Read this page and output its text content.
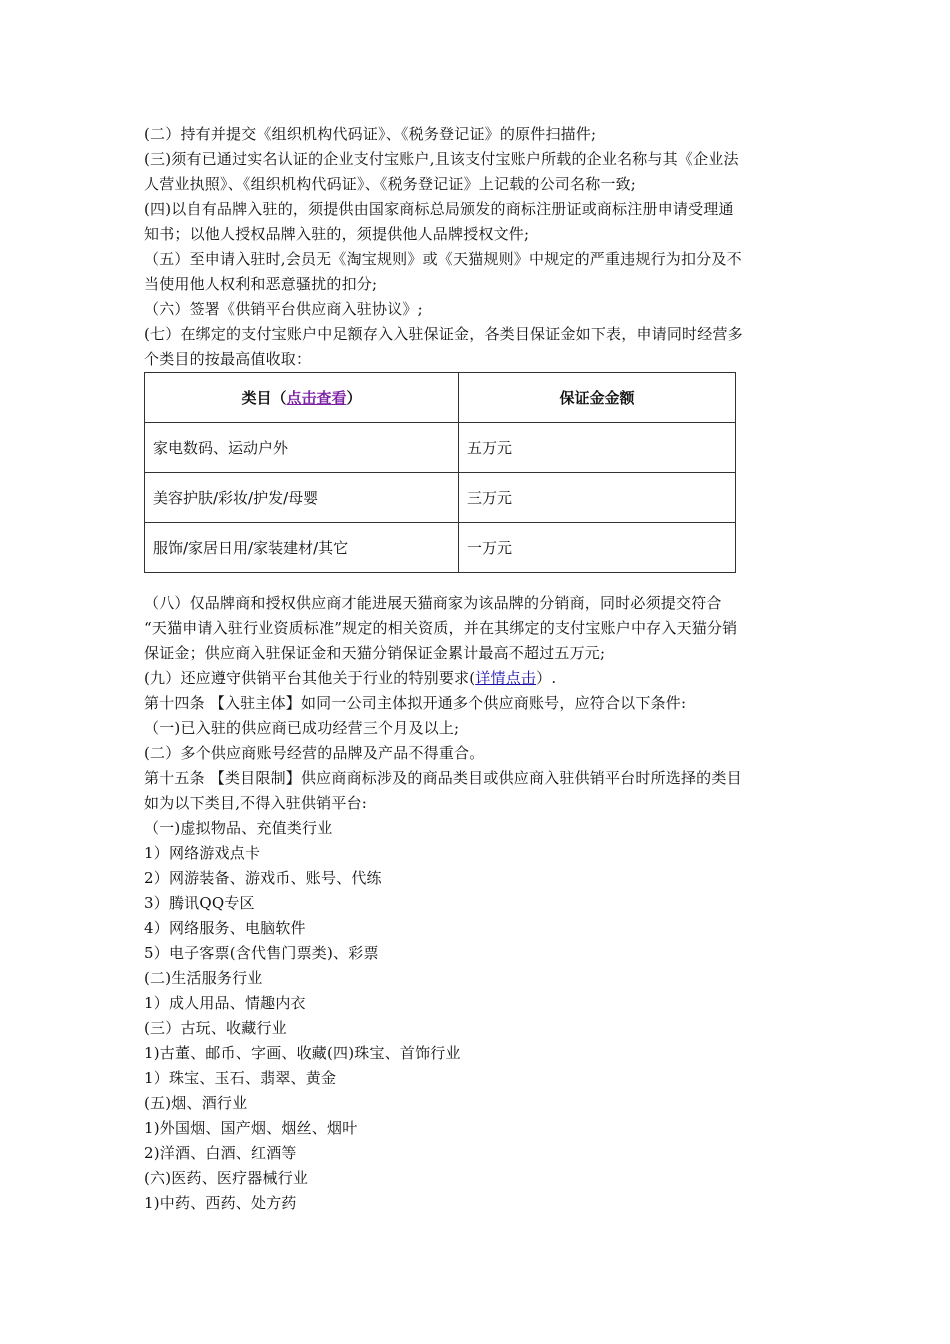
(二）持有并提交《组织机构代码证》、《税务登记证》的原件扫描件;
(三)须有已通过实名认证的企业支付宝账户,且该支付宝账户所载的企业名称与其《企业法
人营业执照》、《组织机构代码证》、《税务登记证》上记载的公司名称一致;
(四)以自有品牌入驻的，须提供由国家商标总局颁发的商标注册证或商标注册申请受理通
知书；以他人授权品牌入驻的，须提供他人品牌授权文件;
（五）至申请入驻时,会员无《淘宝规则》或《天猫规则》中规定的严重违规行为扣分及不
当使用他人权利和恶意骚扰的扣分;
（六）签署《供销平台供应商入驻协议》;
(七）在绑定的支付宝账户中足额存入入驻保证金，各类目保证金如下表，申请同时经营多
个类目的按最高值收取：
类目（点击查看）	保证金金额
家电数码、运动户外	五万元
美容护肤/彩妆/护发/母婴	三万元
服饰/家居日用/家装建材/其它	一万元
（八）仅品牌商和授权供应商才能进展天猫商家为该品牌的分销商，同时必须提交符合
“天猫申请入驻行业资质标准”规定的相关资质，并在其绑定的支付宝账户中存入天猫分销
保证金；供应商入驻保证金和天猫分销保证金累计最高不超过五万元;
(九）还应遵守供销平台其他关于行业的特别要求(详情点击）.
第十四条 【入驻主体】如同一公司主体拟开通多个供应商账号，应符合以下条件:
（一)已入驻的供应商已成功经营三个月及以上;
(二）多个供应商账号经营的品牌及产品不得重合。
第十五条 【类目限制】供应商商标涉及的商品类目或供应商入驻供销平台时所选择的类目
如为以下类目,不得入驻供销平台:
（一)虚拟物品、充值类行业
1）网络游戏点卡
2）网游装备、游戏币、账号、代练
3）腾讯QQ专区
4）网络服务、电脑软件
5）电子客票(含代售门票类)、彩票
(二)生活服务行业
1）成人用品、情趣内衣
(三）古玩、收藏行业
1)古董、邮币、字画、收藏(四)珠宝、首饰行业
1）珠宝、玉石、翡翠、黄金
(五)烟、酒行业
1)外国烟、国产烟、烟丝、烟叶
2)洋酒、白酒、红酒等
(六)医药、医疗器械行业
1)中药、西药、处方药
